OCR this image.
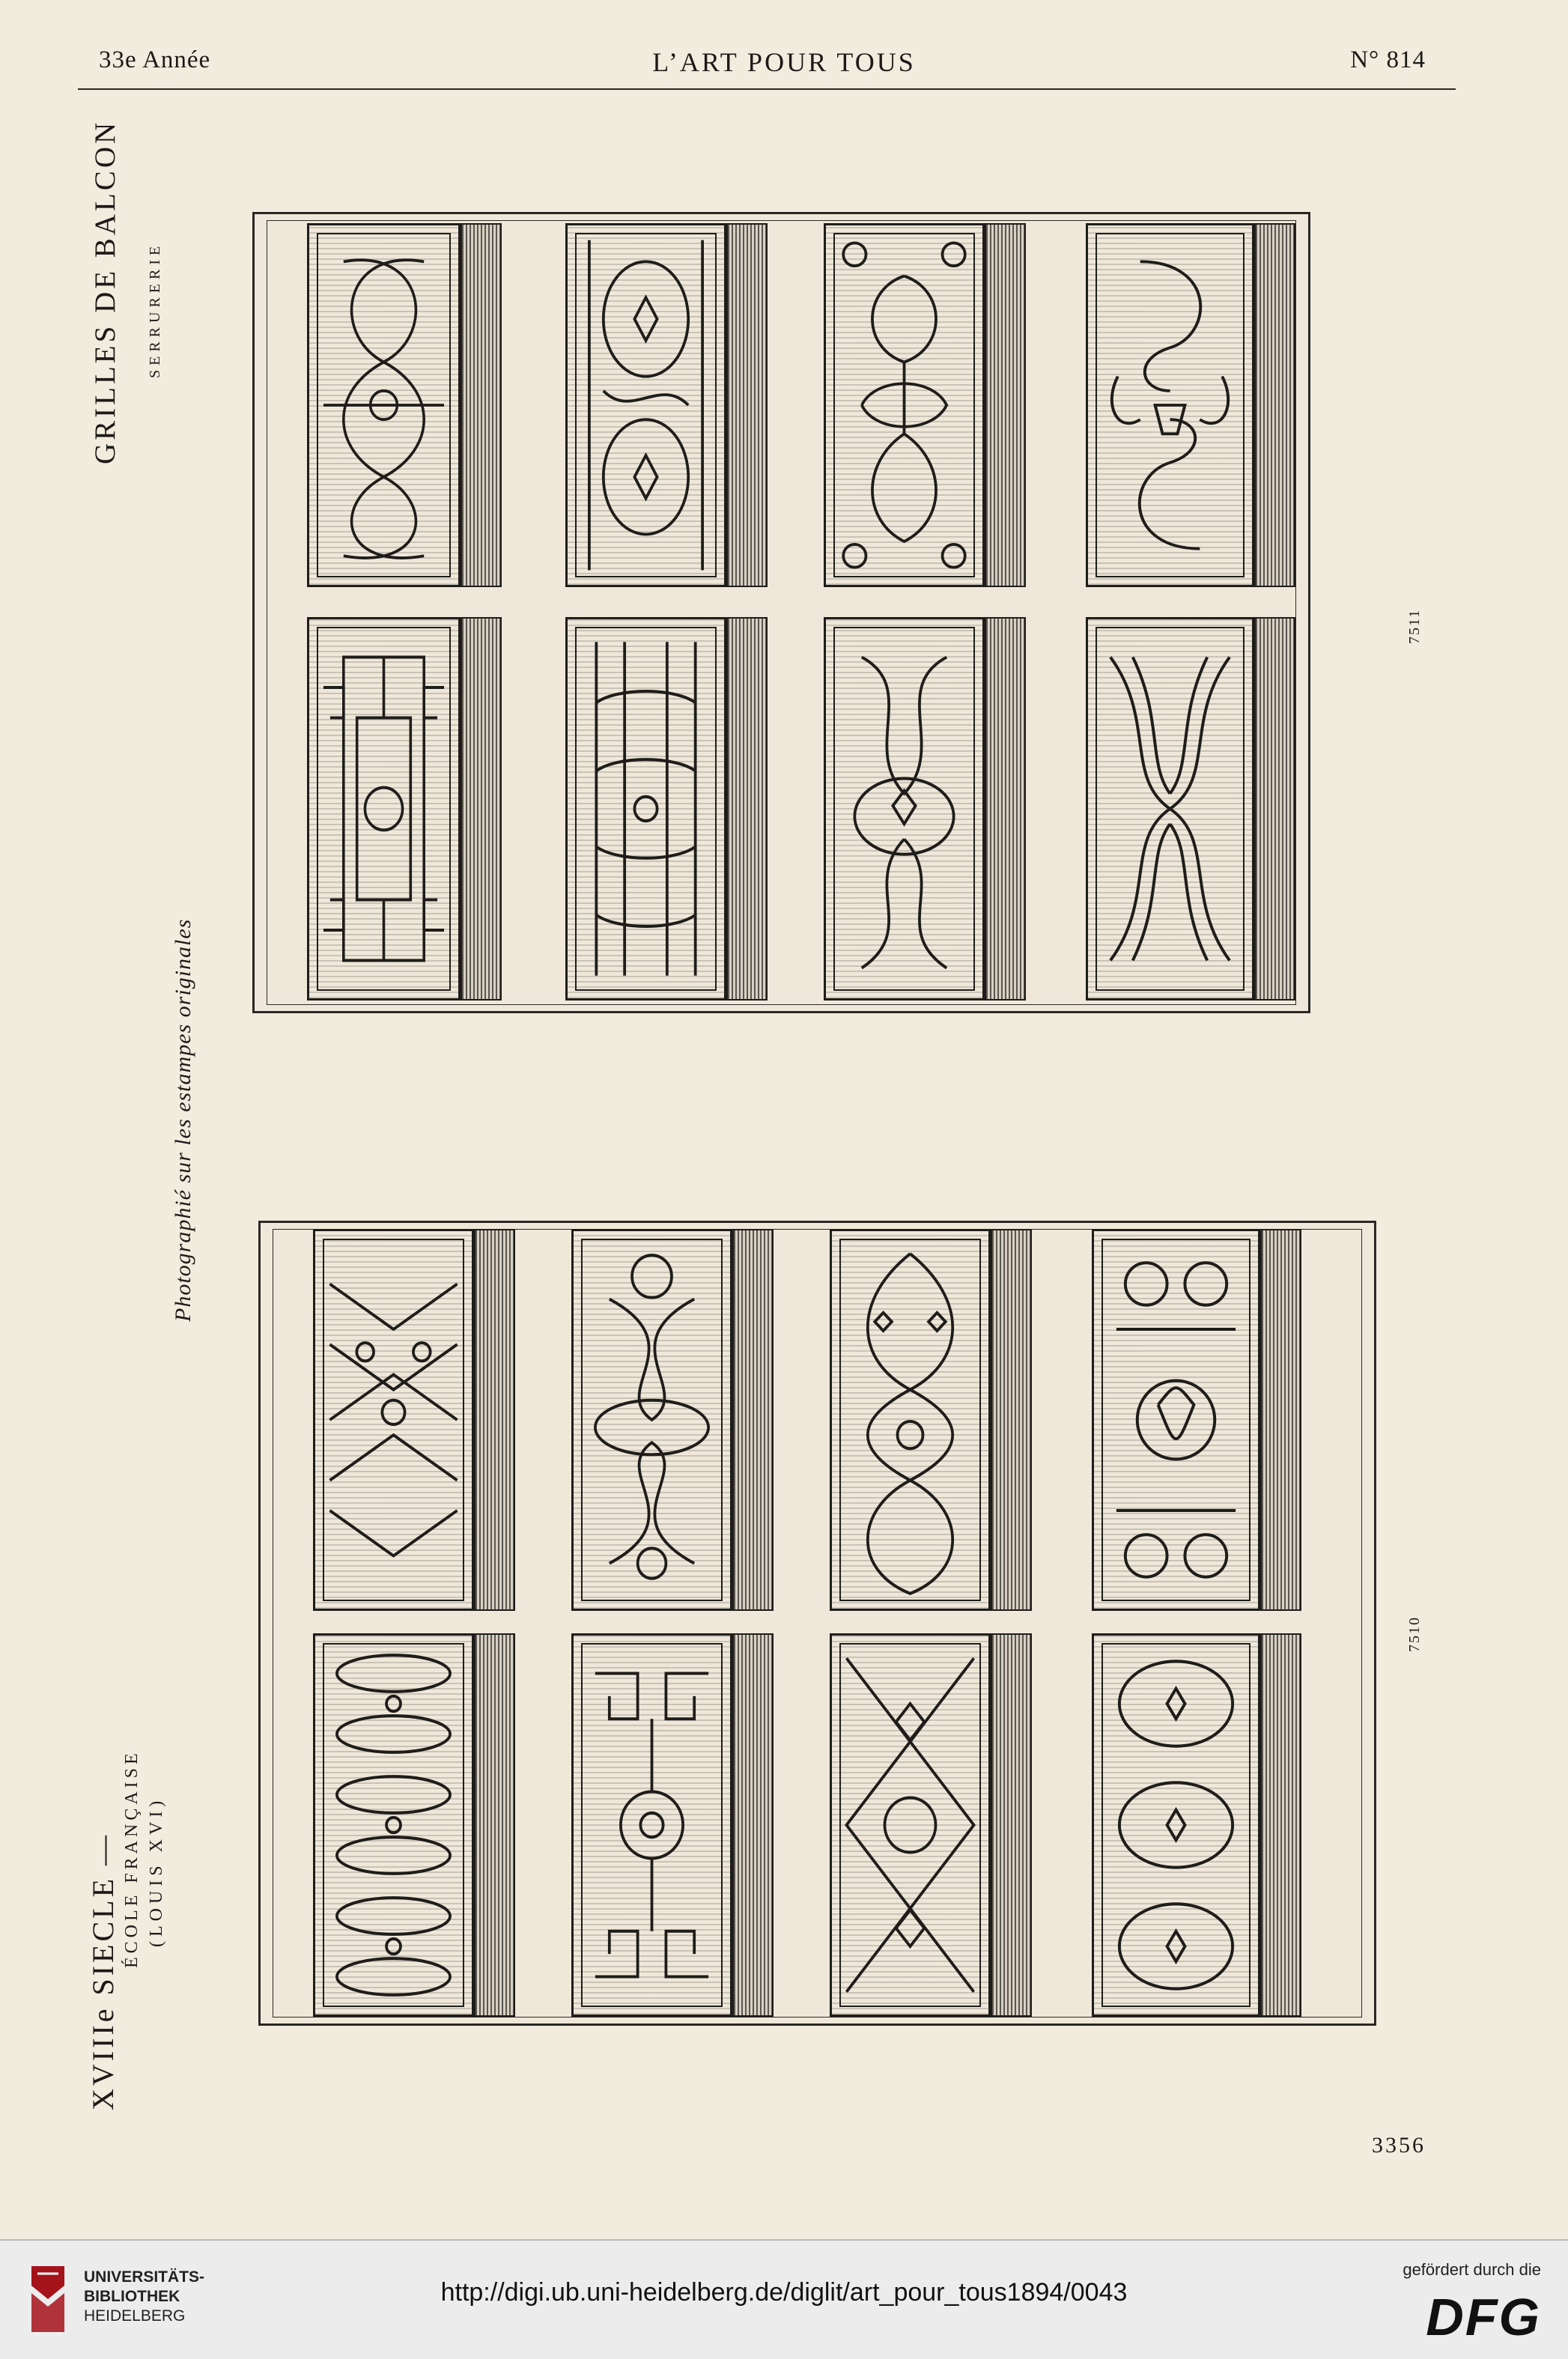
33e Année	L’ART POUR TOUS	N° 814
GRILLES DE BALCON SERRURERIE
Photographié sur les estampes originales
XVIIIe SIECLE — ÉCOLE FRANÇAISE (LOUIS XVI)
7511
7510
3356
UNIVERSITÄTS-
BIBLIOTHEK
HEIDELBERG
http://digi.ub.uni-heidelberg.de/diglit/art_pour_tous1894/0043
gefördert durch die
DFG
